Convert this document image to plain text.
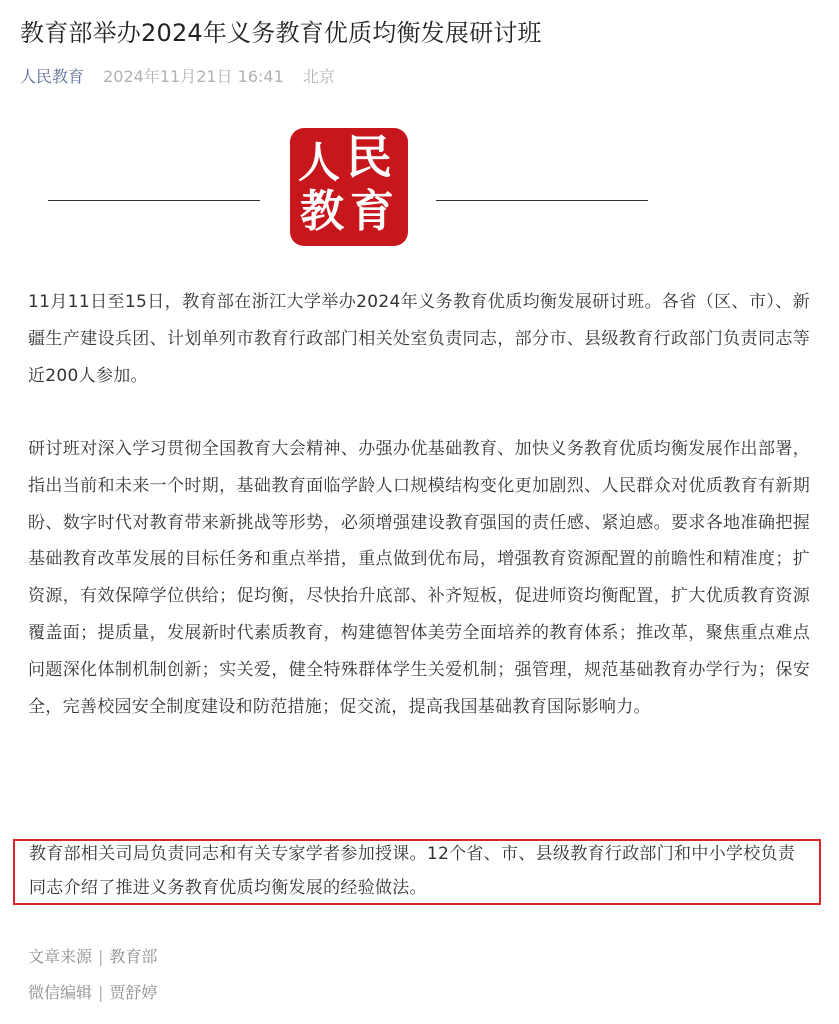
教育部举办2024年义务教育优质均衡发展研讨班
人民教育 2024年11月21日 16:41 北京
人 民
教 育

11月11日至15日，教育部在浙江大学举办2024年义务教育优质均衡发展研讨班。各省（区、市）、新疆生产建设兵团、计划单列市教育行政部门相关处室负责同志，部分市、县级教育行政部门负责同志等近200人参加。

研讨班对深入学习贯彻全国教育大会精神、办强办优基础教育、加快义务教育优质均衡发展作出部署，指出当前和未来一个时期，基础教育面临学龄人口规模结构变化更加剧烈、人民群众对优质教育有新期盼、数字时代对教育带来新挑战等形势，必须增强建设教育强国的责任感、紧迫感。要求各地准确把握基础教育改革发展的目标任务和重点举措，重点做到优布局，增强教育资源配置的前瞻性和精准度；扩资源，有效保障学位供给；促均衡，尽快抬升底部、补齐短板，促进师资均衡配置，扩大优质教育资源覆盖面；提质量，发展新时代素质教育，构建德智体美劳全面培养的教育体系；推改革，聚焦重点难点问题深化体制机制创新；实关爱，健全特殊群体学生关爱机制；强管理，规范基础教育办学行为；保安全，完善校园安全制度建设和防范措施；促交流，提高我国基础教育国际影响力。

教育部相关司局负责同志和有关专家学者参加授课。12个省、市、县级教育行政部门和中小学校负责同志介绍了推进义务教育优质均衡发展的经验做法。

文章来源 | 教育部
微信编辑 | 贾舒婷
